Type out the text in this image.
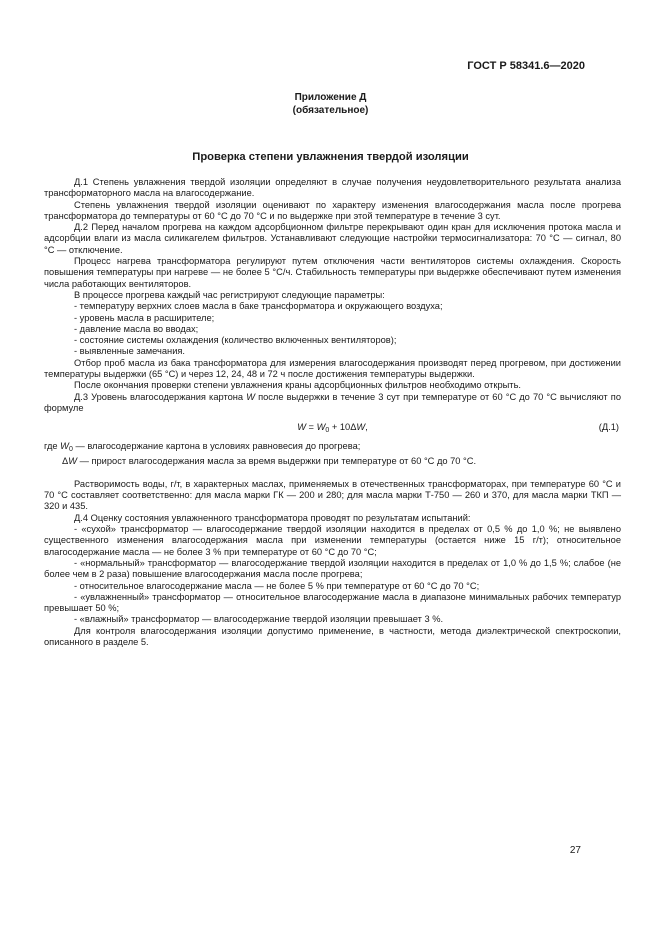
ГОСТ Р 58341.6—2020
Приложение Д
(обязательное)
Проверка степени увлажнения твердой изоляции

Д.1 Степень увлажнения твердой изоляции определяют в случае получения неудовлетворительного результата анализа трансформаторного масла на влагосодержание.

Степень увлажнения твердой изоляции оценивают по характеру изменения влагосодержания масла после прогрева трансформатора до температуры от 60 °С до 70 °С и по выдержке при этой температуре в течение 3 сут.

Д.2 Перед началом прогрева на каждом адсорбционном фильтре перекрывают один кран для исключения протока масла и адсорбции влаги из масла силикагелем фильтров. Устанавливают следующие настройки термосигнализатора: 70 °С — сигнал, 80 °С — отключение.

Процесс нагрева трансформатора регулируют путем отключения части вентиляторов системы охлаждения. Скорость повышения температуры при нагреве — не более 5 °С/ч. Стабильность температуры при выдержке обеспечивают путем изменения числа работающих вентиляторов.

В процессе прогрева каждый час регистрируют следующие параметры:

- температуру верхних слоев масла в баке трансформатора и окружающего воздуха;

- уровень масла в расширителе;

- давление масла во вводах;

- состояние системы охлаждения (количество включенных вентиляторов);

- выявленные замечания.

Отбор проб масла из бака трансформатора для измерения влагосодержания производят перед прогревом, при достижении температуры выдержки (65 °С) и через 12, 24, 48 и 72 ч после достижения температуры выдержки.

После окончания проверки степени увлажнения краны адсорбционных фильтров необходимо открыть.

Д.3 Уровень влагосодержания картона W после выдержки в течение 3 сут при температуре от 60 °С до 70 °С вычисляют по формуле

$W = W_0 + 10\Delta W$,	(Д.1)

где $W_0$ — влагосодержание картона в условиях равновесия до прогрева;

ΔW — прирост влагосодержания масла за время выдержки при температуре от 60 °С до 70 °С.

Растворимость воды, г/т, в характерных маслах, применяемых в отечественных трансформаторах, при температуре 60 °С и 70 °С составляет соответственно: для масла марки ГК — 200 и 280; для масла марки Т-750 — 260 и 370, для масла марки ТКП — 320 и 435.

Д.4 Оценку состояния увлажненного трансформатора проводят по результатам испытаний:

- «сухой» трансформатор — влагосодержание твердой изоляции находится в пределах от 0,5 % до 1,0 %; не выявлено существенного изменения влагосодержания масла при изменении температуры (остается ниже 15 г/т); относительное влагосодержание масла — не более 3 % при температуре от 60 °С до 70 °С;

- «нормальный» трансформатор — влагосодержание твердой изоляции находится в пределах от 1,0 % до 1,5 %; слабое (не более чем в 2 раза) повышение влагосодержания масла после прогрева;

- относительное влагосодержание масла — не более 5 % при температуре от 60 °С до 70 °С;

- «увлажненный» трансформатор — относительное влагосодержание масла в диапазоне минимальных рабочих температур превышает 50 %;

- «влажный» трансформатор — влагосодержание твердой изоляции превышает 3 %.

Для контроля влагосодержания изоляции допустимо применение, в частности, метода диэлектрической спектроскопии, описанного в разделе 5.

27
